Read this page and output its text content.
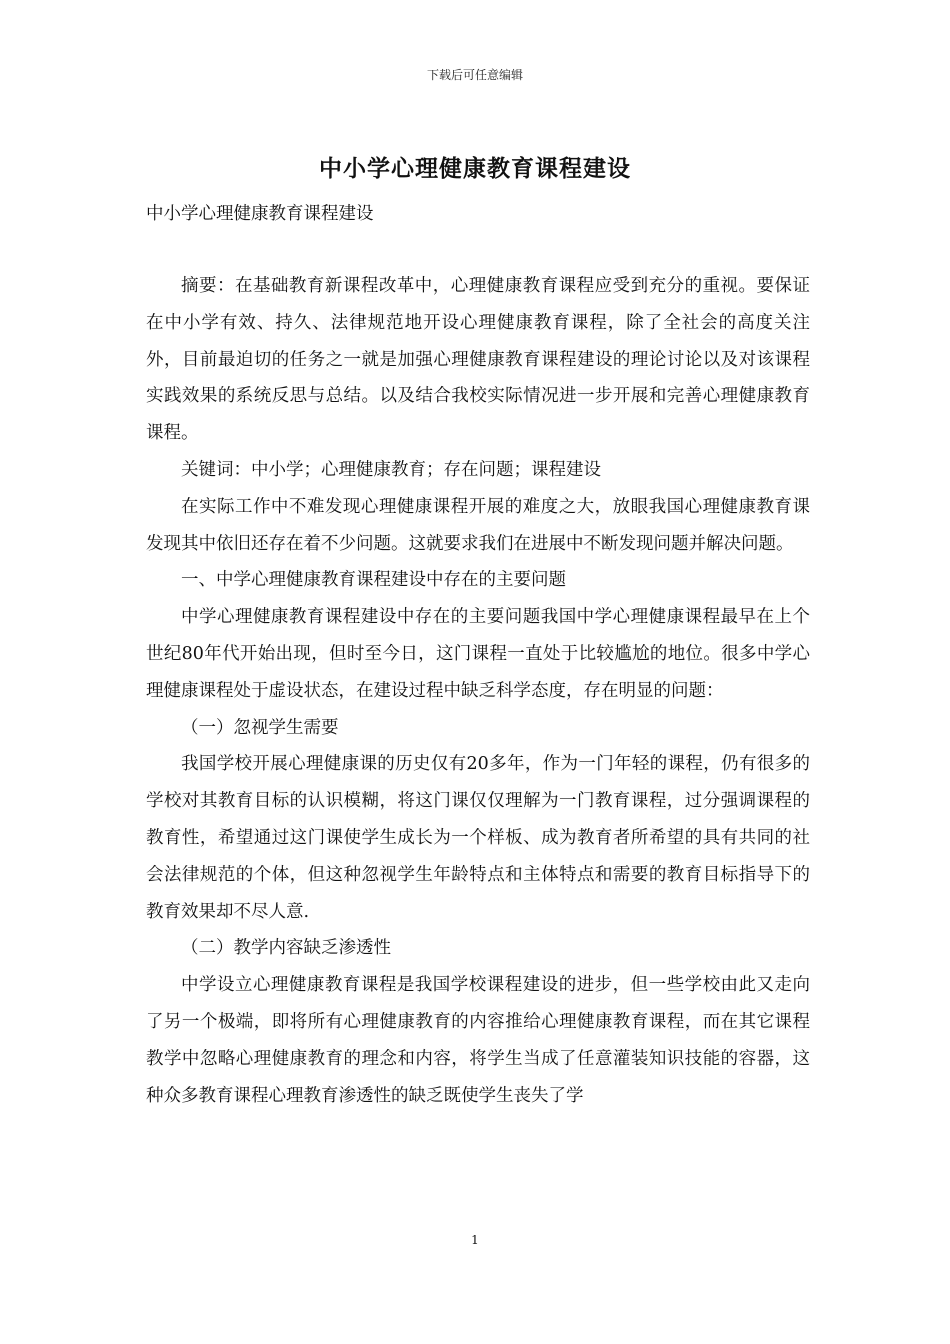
下载后可任意编辑
中小学心理健康教育课程建设
中小学心理健康教育课程建设

摘要：在基础教育新课程改革中，心理健康教育课程应受到充分的重视。要保证在中小学有效、持久、法律规范地开设心理健康教育课程，除了全社会的高度关注外，目前最迫切的任务之一就是加强心理健康教育课程建设的理论讨论以及对该课程实践效果的系统反思与总结。以及结合我校实际情况进一步开展和完善心理健康教育课程。

关键词：中小学；心理健康教育；存在问题；课程建设

在实际工作中不难发现心理健康课程开展的难度之大，放眼我国心理健康教育课发现其中依旧还存在着不少问题。这就要求我们在进展中不断发现问题并解决问题。

一、中学心理健康教育课程建设中存在的主要问题

中学心理健康教育课程建设中存在的主要问题我国中学心理健康课程最早在上个世纪80年代开始出现，但时至今日，这门课程一直处于比较尴尬的地位。很多中学心理健康课程处于虚设状态，在建设过程中缺乏科学态度，存在明显的问题：

（一）忽视学生需要

我国学校开展心理健康课的历史仅有20多年，作为一门年轻的课程，仍有很多的学校对其教育目标的认识模糊，将这门课仅仅理解为一门教育课程，过分强调课程的教育性，希望通过这门课使学生成长为一个样板、成为教育者所希望的具有共同的社会法律规范的个体，但这种忽视学生年龄特点和主体特点和需要的教育目标指导下的教育效果却不尽人意.

（二）教学内容缺乏渗透性

中学设立心理健康教育课程是我国学校课程建设的进步，但一些学校由此又走向了另一个极端，即将所有心理健康教育的内容推给心理健康教育课程，而在其它课程教学中忽略心理健康教育的理念和内容，将学生当成了任意灌装知识技能的容器，这种众多教育课程心理教育渗透性的缺乏既使学生丧失了学

1
